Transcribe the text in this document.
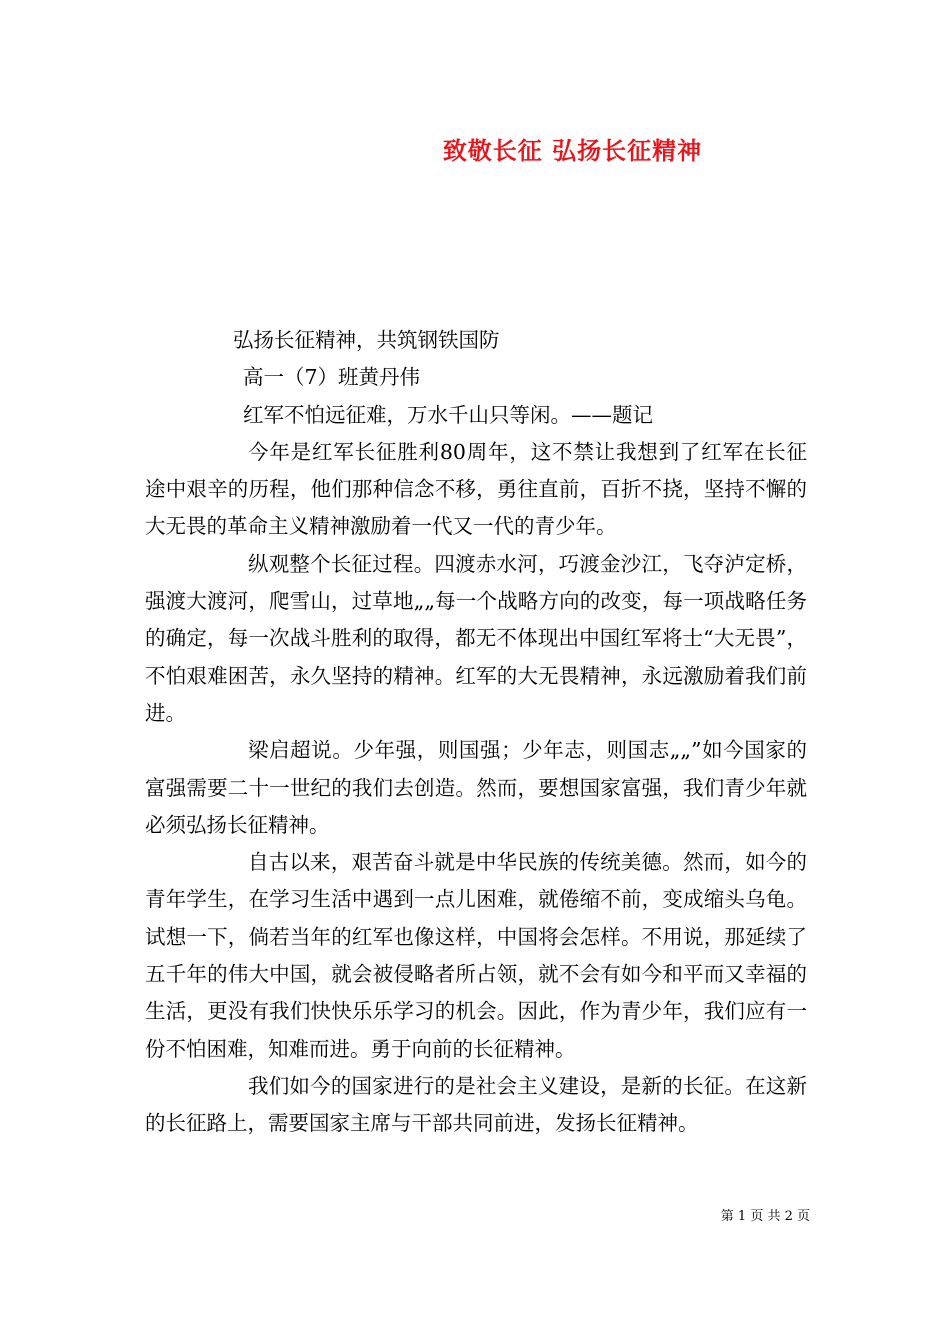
致敬长征 弘扬长征精神

弘扬长征精神，共筑钢铁国防

高一（7）班黄丹伟

红军不怕远征难，万水千山只等闲。——题记

今年是红军长征胜利80周年，这不禁让我想到了红军在长征途中艰辛的历程，他们那种信念不移，勇往直前，百折不挠，坚持不懈的大无畏的革命主义精神激励着一代又一代的青少年。

纵观整个长征过程。四渡赤水河，巧渡金沙江，飞夺泸定桥，强渡大渡河，爬雪山，过草地„„每一个战略方向的改变，每一项战略任务的确定，每一次战斗胜利的取得，都无不体现出中国红军将士“大无畏”，不怕艰难困苦，永久坚持的精神。红军的大无畏精神，永远激励着我们前进。

梁启超说。少年强，则国强；少年志，则国志„„”如今国家的富强需要二十一世纪的我们去创造。然而，要想国家富强，我们青少年就必须弘扬长征精神。

自古以来，艰苦奋斗就是中华民族的传统美德。然而，如今的青年学生，在学习生活中遇到一点儿困难，就倦缩不前，变成缩头乌龟。试想一下，倘若当年的红军也像这样，中国将会怎样。不用说，那延续了五千年的伟大中国，就会被侵略者所占领，就不会有如今和平而又幸福的生活，更没有我们快快乐乐学习的机会。因此，作为青少年，我们应有一份不怕困难，知难而进。勇于向前的长征精神。

我们如今的国家进行的是社会主义建设，是新的长征。在这新的长征路上，需要国家主席与干部共同前进，发扬长征精神。

第 1 页 共 2 页
